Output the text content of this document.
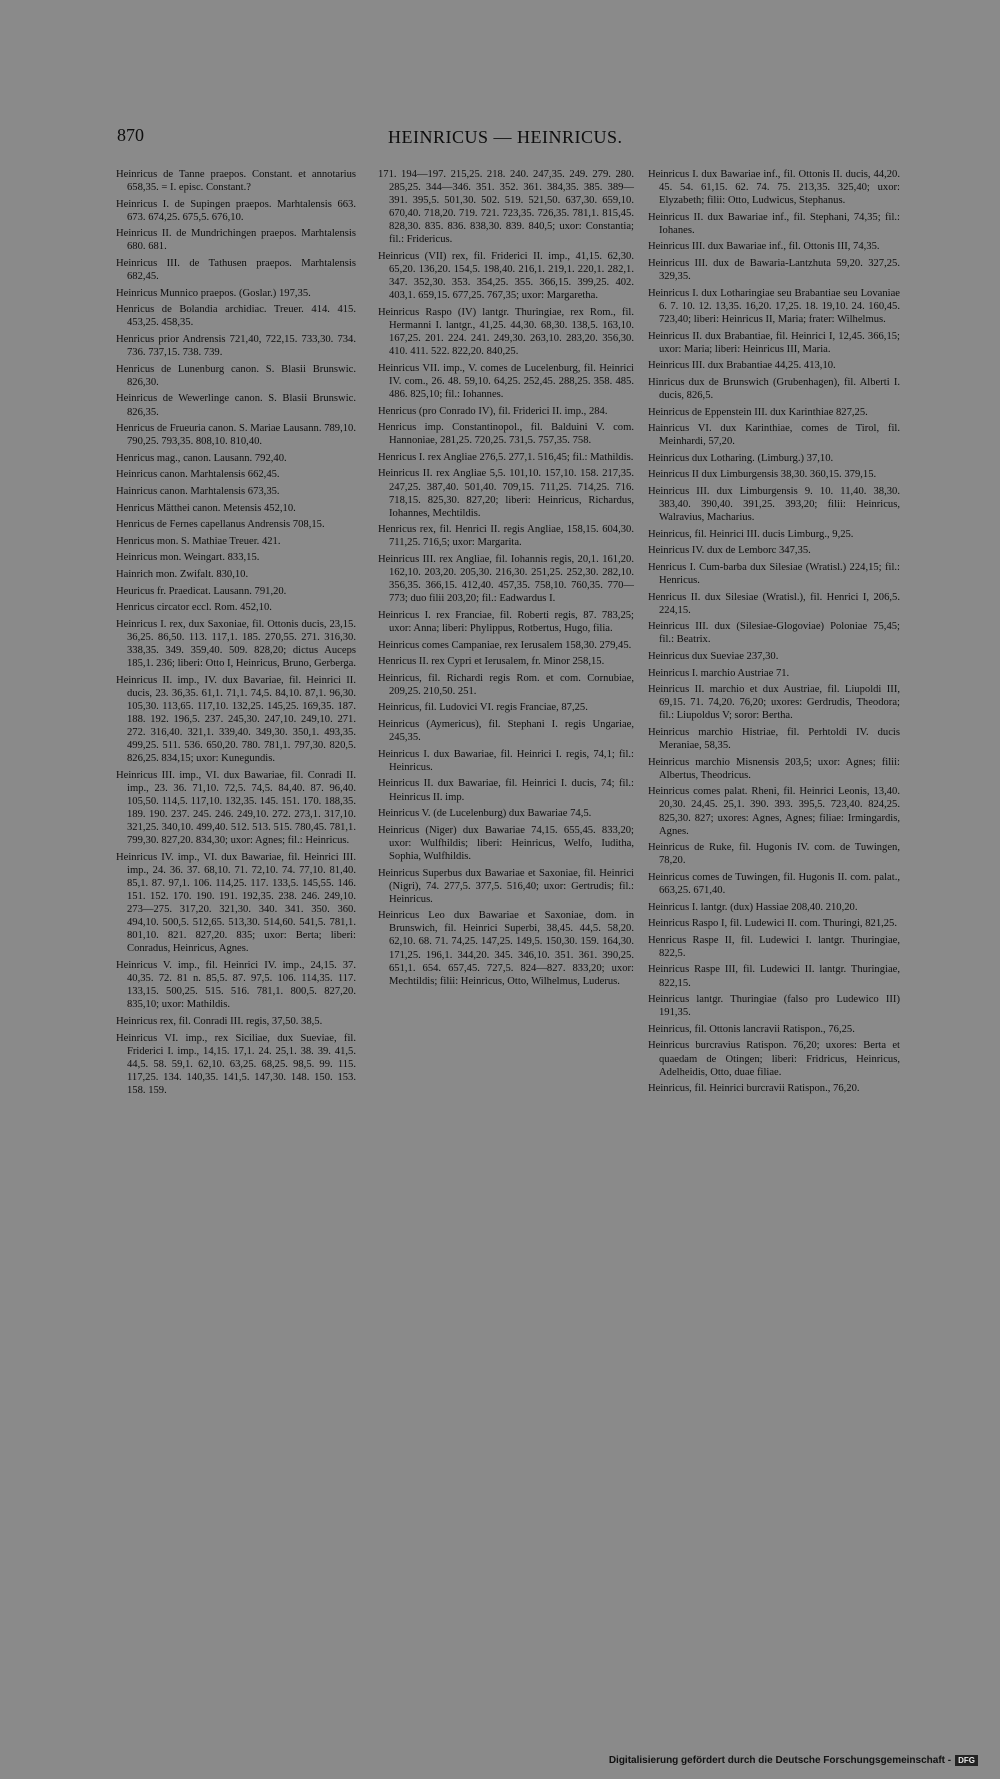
870	HEINRICUS — HEINRICUS.

Heinricus de Tanne praepos. Constant. et annotarius 658,35. = I. episc. Constant.?

Heinricus I. de Supingen praepos. Marhtalensis 663. 673. 674,25. 675,5. 676,10.

Heinricus II. de Mundrichingen praepos. Marhtalensis 680. 681.

Heinricus III. de Tathusen praepos. Marhtalensis 682,45.

Heinricus Munnico praepos. (Goslar.) 197,35.

Henricus de Bolandia archidiac. Treuer. 414. 415. 453,25. 458,35.

Henricus prior Andrensis 721,40, 722,15. 733,30. 734. 736. 737,15. 738. 739.

Henricus de Lunenburg canon. S. Blasii Brunswic. 826,30.

Heinricus de Wewerlinge canon. S. Blasii Brunswic. 826,35.

Henricus de Frueuria canon. S. Mariae Lausann. 789,10. 790,25. 793,35. 808,10. 810,40.

Henricus mag., canon. Lausann. 792,40.

Heinricus canon. Marhtalensis 662,45.

Hainricus canon. Marhtalensis 673,35.

Henricus Mätthei canon. Metensis 452,10.

Henricus de Fernes capellanus Andrensis 708,15.

Henricus mon. S. Mathiae Treuer. 421.

Heinricus mon. Weingart. 833,15.

Hainrich mon. Zwifalt. 830,10.

Heuricus fr. Praedicat. Lausann. 791,20.

Henricus circator eccl. Rom. 452,10.

Heinricus I. rex, dux Saxoniae, fil. Ottonis ducis, 23,15. 36,25. 86,50. 113. 117,1. 185. 270,55. 271. 316,30. 338,35. 349. 359,40. 509. 828,20; dictus Auceps 185,1. 236; liberi: Otto I, Heinricus, Bruno, Gerberga.

Heinricus II. imp., IV. dux Bavariae, fil. Heinrici II. ducis, 23. 36,35. 61,1. 71,1. 74,5. 84,10. 87,1. 96,30. 105,30. 113,65. 117,10. 132,25. 145,25. 169,35. 187. 188. 192. 196,5. 237. 245,30. 247,10. 249,10. 271. 272. 316,40. 321,1. 339,40. 349,30. 350,1. 493,35. 499,25. 511. 536. 650,20. 780. 781,1. 797,30. 820,5. 826,25. 834,15; uxor: Kunegundis.

Heinricus III. imp., VI. dux Bawariae, fil. Conradi II. imp., 23. 36. 71,10. 72,5. 74,5. 84,40. 87. 96,40. 105,50. 114,5. 117,10. 132,35. 145. 151. 170. 188,35. 189. 190. 237. 245. 246. 249,10. 272. 273,1. 317,10. 321,25. 340,10. 499,40. 512. 513. 515. 780,45. 781,1. 799,30. 827,20. 834,30; uxor: Agnes; fil.: Heinricus.

Heinricus IV. imp., VI. dux Bawariae, fil. Heinrici III. imp., 24. 36. 37. 68,10. 71. 72,10. 74. 77,10. 81,40. 85,1. 87. 97,1. 106. 114,25. 117. 133,5. 145,55. 146. 151. 152. 170. 190. 191. 192,35. 238. 246. 249,10. 273—275. 317,20. 321,30. 340. 341. 350. 360. 494,10. 500,5. 512,65. 513,30. 514,60. 541,5. 781,1. 801,10. 821. 827,20. 835; uxor: Berta; liberi: Conradus, Heinricus, Agnes.

Heinricus V. imp., fil. Heinrici IV. imp., 24,15. 37. 40,35. 72. 81 n. 85,5. 87. 97,5. 106. 114,35. 117. 133,15. 500,25. 515. 516. 781,1. 800,5. 827,20. 835,10; uxor: Mathildis.

Heinricus rex, fil. Conradi III. regis, 37,50. 38,5.

Heinricus VI. imp., rex Siciliae, dux Sueviae, fil. Friderici I. imp., 14,15. 17,1. 24. 25,1. 38. 39. 41,5. 44,5. 58. 59,1. 62,10. 63,25. 68,25. 98,5. 99. 115. 117,25. 134. 140,35. 141,5. 147,30. 148. 150. 153. 158. 159.

171. 194—197. 215,25. 218. 240. 247,35. 249. 279. 280. 285,25. 344—346. 351. 352. 361. 384,35. 385. 389—391. 395,5. 501,30. 502. 519. 521,50. 637,30. 659,10. 670,40. 718,20. 719. 721. 723,35. 726,35. 781,1. 815,45. 828,30. 835. 836. 838,30. 839. 840,5; uxor: Constantia; fil.: Fridericus.

Heinricus (VII) rex, fil. Friderici II. imp., 41,15. 62,30. 65,20. 136,20. 154,5. 198,40. 216,1. 219,1. 220,1. 282,1. 347. 352,30. 353. 354,25. 355. 366,15. 399,25. 402. 403,1. 659,15. 677,25. 767,35; uxor: Margaretha.

Heinricus Raspo (IV) lantgr. Thuringiae, rex Rom., fil. Hermanni I. lantgr., 41,25. 44,30. 68,30. 138,5. 163,10. 167,25. 201. 224. 241. 249,30. 263,10. 283,20. 356,30. 410. 411. 522. 822,20. 840,25.

Heinricus VII. imp., V. comes de Lucelenburg, fil. Heinrici IV. com., 26. 48. 59,10. 64,25. 252,45. 288,25. 358. 485. 486. 825,10; fil.: Iohannes.

Henricus (pro Conrado IV), fil. Friderici II. imp., 284.

Henricus imp. Constantinopol., fil. Balduini V. com. Hannoniae, 281,25. 720,25. 731,5. 757,35. 758.

Henricus I. rex Angliae 276,5. 277,1. 516,45; fil.: Mathildis.

Heinricus II. rex Angliae 5,5. 101,10. 157,10. 158. 217,35. 247,25. 387,40. 501,40. 709,15. 711,25. 714,25. 716. 718,15. 825,30. 827,20; liberi: Heinricus, Richardus, Iohannes, Mechtildis.

Henricus rex, fil. Henrici II. regis Angliae, 158,15. 604,30. 711,25. 716,5; uxor: Margarita.

Heinricus III. rex Angliae, fil. Iohannis regis, 20,1. 161,20. 162,10. 203,20. 205,30. 216,30. 251,25. 252,30. 282,10. 356,35. 366,15. 412,40. 457,35. 758,10. 760,35. 770—773; duo filii 203,20; fil.: Eadwardus I.

Heinricus I. rex Franciae, fil. Roberti regis, 87. 783,25; uxor: Anna; liberi: Phylippus, Rotbertus, Hugo, filia.

Heinricus comes Campaniae, rex Ierusalem 158,30. 279,45.

Henricus II. rex Cypri et Ierusalem, fr. Minor 258,15.

Heinricus, fil. Richardi regis Rom. et com. Cornubiae, 209,25. 210,50. 251.

Heinricus, fil. Ludovici VI. regis Franciae, 87,25.

Heinricus (Aymericus), fil. Stephani I. regis Ungariae, 245,35.

Heinricus I. dux Bawariae, fil. Heinrici I. regis, 74,1; fil.: Heinricus.

Heinricus II. dux Bawariae, fil. Heinrici I. ducis, 74; fil.: Heinricus II. imp.

Heinricus V. (de Lucelenburg) dux Bawariae 74,5.

Heinricus (Niger) dux Bawariae 74,15. 655,45. 833,20; uxor: Wulfhildis; liberi: Heinricus, Welfo, Iuditha, Sophia, Wulfhildis.

Heinricus Superbus dux Bawariae et Saxoniae, fil. Heinrici (Nigri), 74. 277,5. 377,5. 516,40; uxor: Gertrudis; fil.: Heinricus.

Heinricus Leo dux Bawariae et Saxoniae, dom. in Brunswich, fil. Heinrici Superbi, 38,45. 44,5. 58,20. 62,10. 68. 71. 74,25. 147,25. 149,5. 150,30. 159. 164,30. 171,25. 196,1. 344,20. 345. 346,10. 351. 361. 390,25. 651,1. 654. 657,45. 727,5. 824—827. 833,20; uxor: Mechtildis; filii: Heinricus, Otto, Wilhelmus, Luderus.

Heinricus I. dux Bawariae inf., fil. Ottonis II. ducis, 44,20. 45. 54. 61,15. 62. 74. 75. 213,35. 325,40; uxor: Elyzabeth; filii: Otto, Ludwicus, Stephanus.

Heinricus II. dux Bawariae inf., fil. Stephani, 74,35; fil.: Iohanes.

Heinricus III. dux Bawariae inf., fil. Ottonis III, 74,35.

Heinricus III. dux de Bawaria-Lantzhuta 59,20. 327,25. 329,35.

Heinricus I. dux Lotharingiae seu Brabantiae seu Lovaniae 6. 7. 10. 12. 13,35. 16,20. 17,25. 18. 19,10. 24. 160,45. 723,40; liberi: Heinricus II, Maria; frater: Wilhelmus.

Heinricus II. dux Brabantiae, fil. Heinrici I, 12,45. 366,15; uxor: Maria; liberi: Heinricus III, Maria.

Heinricus III. dux Brabantiae 44,25. 413,10.

Hinricus dux de Brunswich (Grubenhagen), fil. Alberti I. ducis, 826,5.

Heinricus de Eppenstein III. dux Karinthiae 827,25.

Hainricus VI. dux Karinthiae, comes de Tirol, fil. Meinhardi, 57,20.

Heinricus dux Lotharing. (Limburg.) 37,10.

Heinricus II dux Limburgensis 38,30. 360,15. 379,15.

Heinricus III. dux Limburgensis 9. 10. 11,40. 38,30. 383,40. 390,40. 391,25. 393,20; filii: Heinricus, Walravius, Macharius.

Heinricus, fil. Heinrici III. ducis Limburg., 9,25.

Heinricus IV. dux de Lemborc 347,35.

Henricus I. Cum-barba dux Silesiae (Wratisl.) 224,15; fil.: Henricus.

Henricus II. dux Silesiae (Wratisl.), fil. Henrici I, 206,5. 224,15.

Heinricus III. dux (Silesiae-Glogoviae) Poloniae 75,45; fil.: Beatrix.

Heinricus dux Sueviae 237,30.

Heinricus I. marchio Austriae 71.

Heinricus II. marchio et dux Austriae, fil. Liupoldi III, 69,15. 71. 74,20. 76,20; uxores: Gerdrudis, Theodora; fil.: Liupoldus V; soror: Bertha.

Heinricus marchio Histriae, fil. Perhtoldi IV. ducis Meraniae, 58,35.

Heinricus marchio Misnensis 203,5; uxor: Agnes; filii: Albertus, Theodricus.

Heinricus comes palat. Rheni, fil. Heinrici Leonis, 13,40. 20,30. 24,45. 25,1. 390. 393. 395,5. 723,40. 824,25. 825,30. 827; uxores: Agnes, Agnes; filiae: Irmingardis, Agnes.

Heinricus de Ruke, fil. Hugonis IV. com. de Tuwingen, 78,20.

Heinricus comes de Tuwingen, fil. Hugonis II. com. palat., 663,25. 671,40.

Heinricus I. lantgr. (dux) Hassiae 208,40. 210,20.

Heinricus Raspo I, fil. Ludewici II. com. Thuringi, 821,25.

Henricus Raspe II, fil. Ludewici I. lantgr. Thuringiae, 822,5.

Heinricus Raspe III, fil. Ludewici II. lantgr. Thuringiae, 822,15.

Heinricus lantgr. Thuringiae (falso pro Ludewico III) 191,35.

Heinricus, fil. Ottonis lancravii Ratispon., 76,25.

Heinricus burcravius Ratispon. 76,20; uxores: Berta et quaedam de Otingen; liberi: Fridricus, Heinricus, Adelheidis, Otto, duae filiae.

Heinricus, fil. Heinrici burcravii Ratispon., 76,20.

Digitalisierung gefördert durch die Deutsche Forschungsgemeinschaft - DFG
